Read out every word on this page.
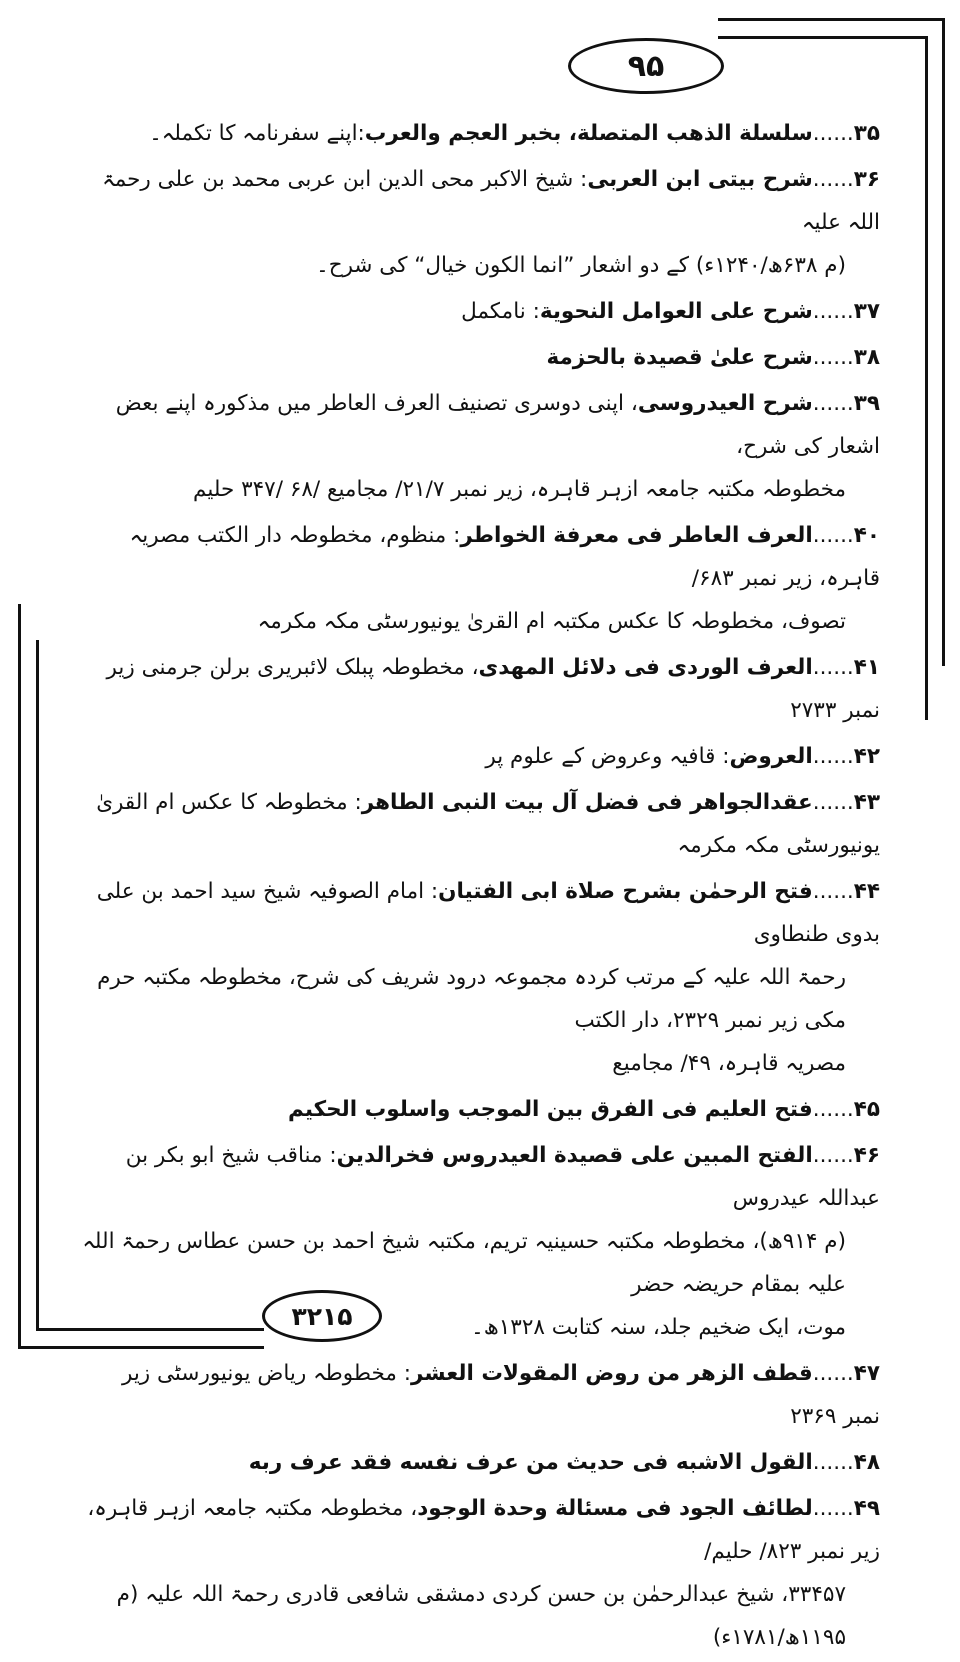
۹۵
۳۵......سلسلة الذهب المتصلة، بخبر العجم والعرب:اپنے سفرنامہ کا تکملہ۔
۳۶......شرح بیتی ابن العربی: شیخ الاکبر محی الدین ابن عربی محمد بن علی رحمۃ اللہ علیہ
(م ۶۳۸ھ/۱۲۴۰ء) کے دو اشعار ”انما الکون خیال“ کی شرح۔
۳۷......شرح علی العوامل النحوية: نامکمل
۳۸......شرح علیٰ قصیدة بالحزمة
۳۹......شرح العیدروسی، اپنی دوسری تصنیف العرف العاطر میں مذکورہ اپنے بعض اشعار کی شرح،
مخطوطہ مکتبہ جامعہ ازہر قاہرہ، زیر نمبر ۲۱/۷/ مجامیع /۶۸ /۳۴۷ حلیم
۴۰......العرف العاطر فی معرفة الخواطر: منظوم، مخطوطہ دار الکتب مصریہ قاہرہ، زیر نمبر ۶۸۳/
تصوف، مخطوطہ کا عکس مکتبہ ام القریٰ یونیورسٹی مکہ مکرمہ
۴۱......العرف الوردی فی دلائل المهدی، مخطوطہ پبلک لائبریری برلن جرمنی زیر نمبر ۲۷۳۳
۴۲......العروض: قافیہ وعروض کے علوم پر
۴۳......عقدالجواهر فی فضل آل بیت النبی الطاهر: مخطوطہ کا عکس ام القریٰ یونیورسٹی مکہ مکرمہ
۴۴......فتح الرحمٰن بشرح صلاة ابی الفتیان: امام الصوفیہ شیخ سید احمد بن علی بدوی طنطاوی
رحمۃ اللہ علیہ کے مرتب کردہ مجموعہ درود شریف کی شرح، مخطوطہ مکتبہ حرم مکی زیر نمبر ۲۳۲۹، دار الکتب
مصریہ قاہرہ، ۴۹/ مجامیع
۴۵......فتح العلیم فی الفرق بین الموجب واسلوب الحکیم
۴۶......الفتح المبین علی قصیدة العیدروس فخرالدین: مناقب شیخ ابو بکر بن عبداللہ عیدروس
(م ۹۱۴ھ)، مخطوطہ مکتبہ حسینیہ تریم، مکتبہ شیخ احمد بن حسن عطاس رحمۃ اللہ علیہ بمقام حریضہ حضر
موت، ایک ضخیم جلد، سنہ کتابت ۱۳۲۸ھ۔
۴۷......قطف الزهر من روض المقولات العشر: مخطوطہ ریاض یونیورسٹی زیر نمبر ۲۳۶۹
۴۸......القول الاشبه فی حدیث من عرف نفسه فقد عرف ربه
۴۹......لطائف الجود فی مسئالة وحدة الوجود، مخطوطہ مکتبہ جامعہ ازہر قاہرہ، زیر نمبر ۸۲۳/ حلیم/
۳۳۴۵۷، شیخ عبدالرحمٰن بن حسن کردی دمشقی شافعی قادری رحمۃ اللہ علیہ (م ۱۱۹۵ھ/۱۷۸۱ء)
۳۲۱۵
